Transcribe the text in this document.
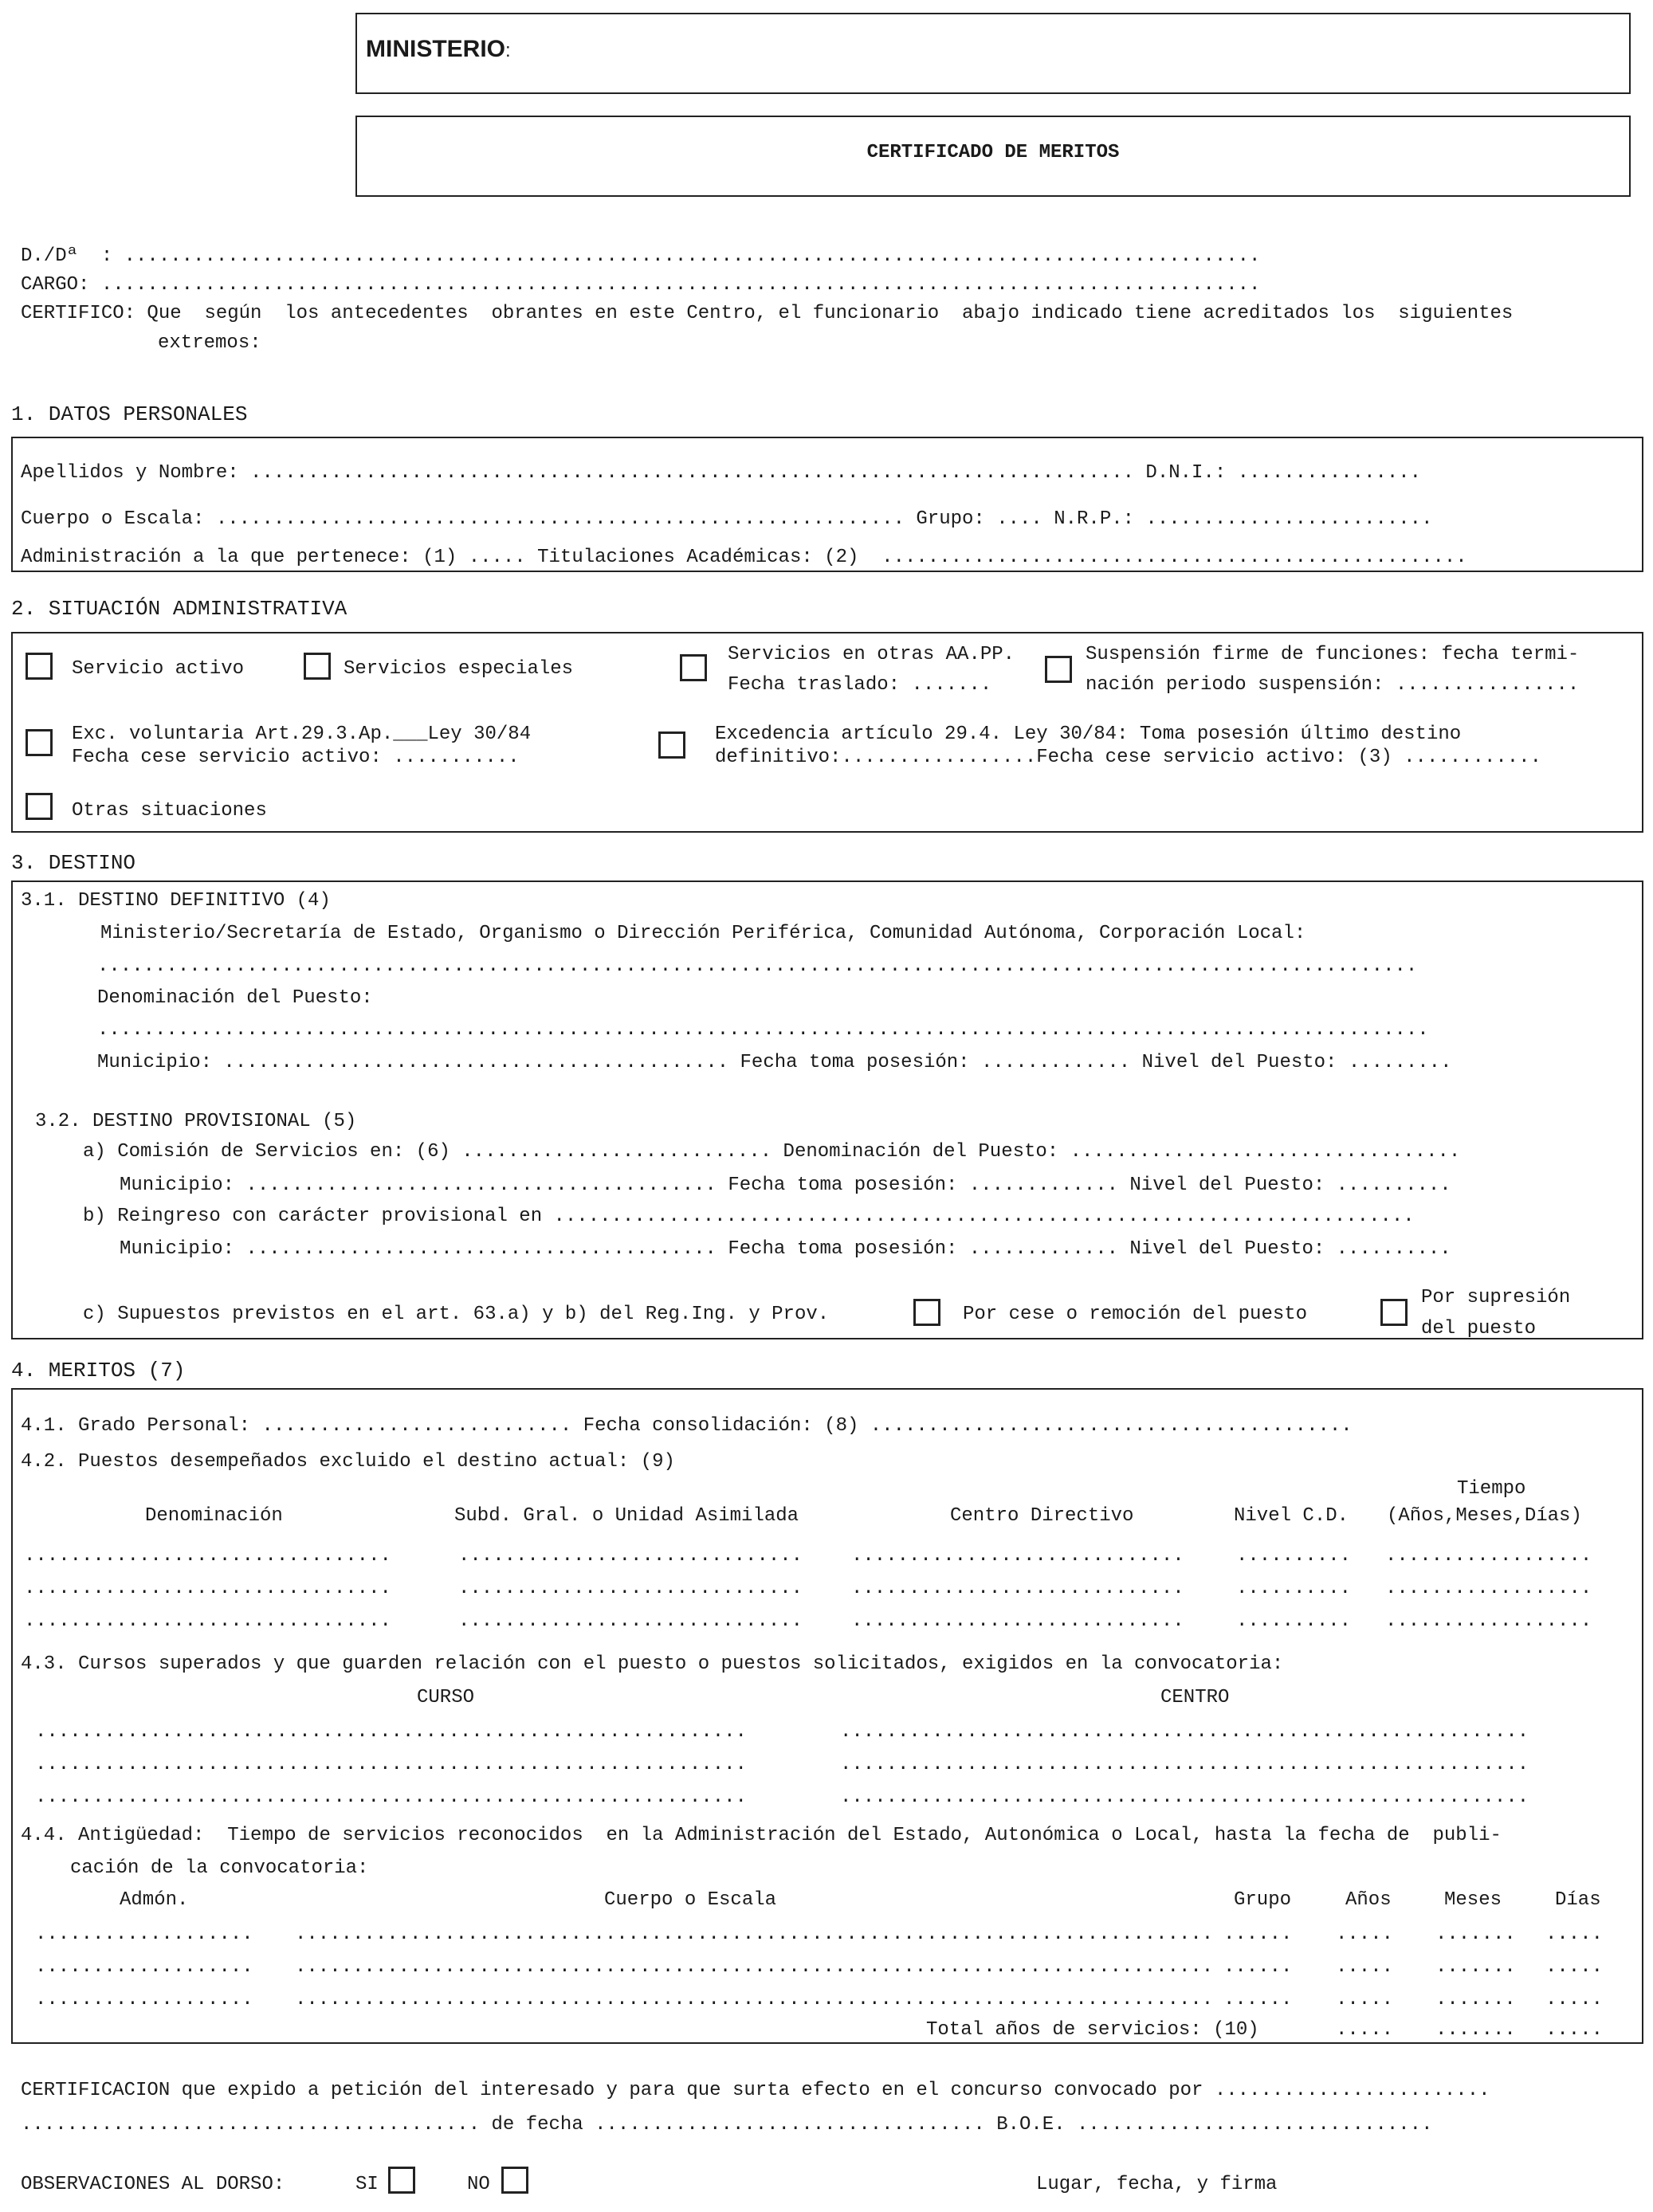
MINISTERIO:
CERTIFICADO DE MERITOS
D./Dª  : ...................................................................................................
CARGO: .....................................................................................................
CERTIFICO: Que  según  los antecedentes  obrantes en este Centro, el funcionario  abajo indicado tiene acreditados los  siguientes
extremos:
1. DATOS PERSONALES
Apellidos y Nombre: ............................................................................. D.N.I.: ................
Cuerpo o Escala: ............................................................ Grupo: .... N.R.P.: .........................
Administración a la que pertenece: (1) ..... Titulaciones Académicas: (2)  ...................................................
2. SITUACIÓN ADMINISTRATIVA
Servicio activo	Servicios especiales
Servicios en otras AA.PP.
Fecha traslado: .......
Suspensión firme de funciones: fecha termi-
nación periodo suspensión: ................
Exc. voluntaria Art.29.3.Ap.___Ley 30/84
Fecha cese servicio activo: ...........
Excedencia artículo 29.4. Ley 30/84: Toma posesión último destino
definitivo:.................Fecha cese servicio activo: (3) ............
Otras situaciones
3. DESTINO
3.1. DESTINO DEFINITIVO (4)
Ministerio/Secretaría de Estado, Organismo o Dirección Periférica, Comunidad Autónoma, Corporación Local:
...................................................................................................................
Denominación del Puesto:
....................................................................................................................
Municipio: ............................................ Fecha toma posesión: ............. Nivel del Puesto: .........
3.2. DESTINO PROVISIONAL (5)
a) Comisión de Servicios en: (6) ........................... Denominación del Puesto: ..................................
Municipio: ......................................... Fecha toma posesión: ............. Nivel del Puesto: ..........
b) Reingreso con carácter provisional en ...........................................................................
Municipio: ......................................... Fecha toma posesión: ............. Nivel del Puesto: ..........
c) Supuestos previstos en el art. 63.a) y b) del Reg.Ing. y Prov.	Por cese o remoción del puesto
Por supresión
del puesto
4. MERITOS (7)
4.1. Grado Personal: ........................... Fecha consolidación: (8) ..........................................
4.2. Puestos desempeñados excluido el destino actual: (9)
Denominación	Subd. Gral. o Unidad Asimilada	Centro Directivo	Nivel C.D.
Tiempo
(Años,Meses,Días)
................................	..............................	.............................	.......... ..................
................................	..............................	.............................	.......... ..................
................................	..............................	.............................	.......... ..................
4.3. Cursos superados y que guarden relación con el puesto o puestos solicitados, exigidos en la convocatoria:
CURSO	CENTRO
..............................................................	............................................................
..............................................................	............................................................
..............................................................	............................................................
4.4. Antigüedad:  Tiempo de servicios reconocidos  en la Administración del Estado, Autonómica o Local, hasta la fecha de  publi-
cación de la convocatoria:
Admón.	Cuerpo o Escala	Grupo	Años	Meses	Días
................... ................................................................................ ...... ..... ....... .....
................... ................................................................................ ...... ..... ....... .....
................... ................................................................................ ...... ..... ....... .....
Total años de servicios: (10)	..... ....... .....
CERTIFICACION que expido a petición del interesado y para que surta efecto en el concurso convocado por ........................
........................................ de fecha .................................. B.O.E. ...............................
OBSERVACIONES AL DORSO:	SI	NO	Lugar, fecha, y firma
